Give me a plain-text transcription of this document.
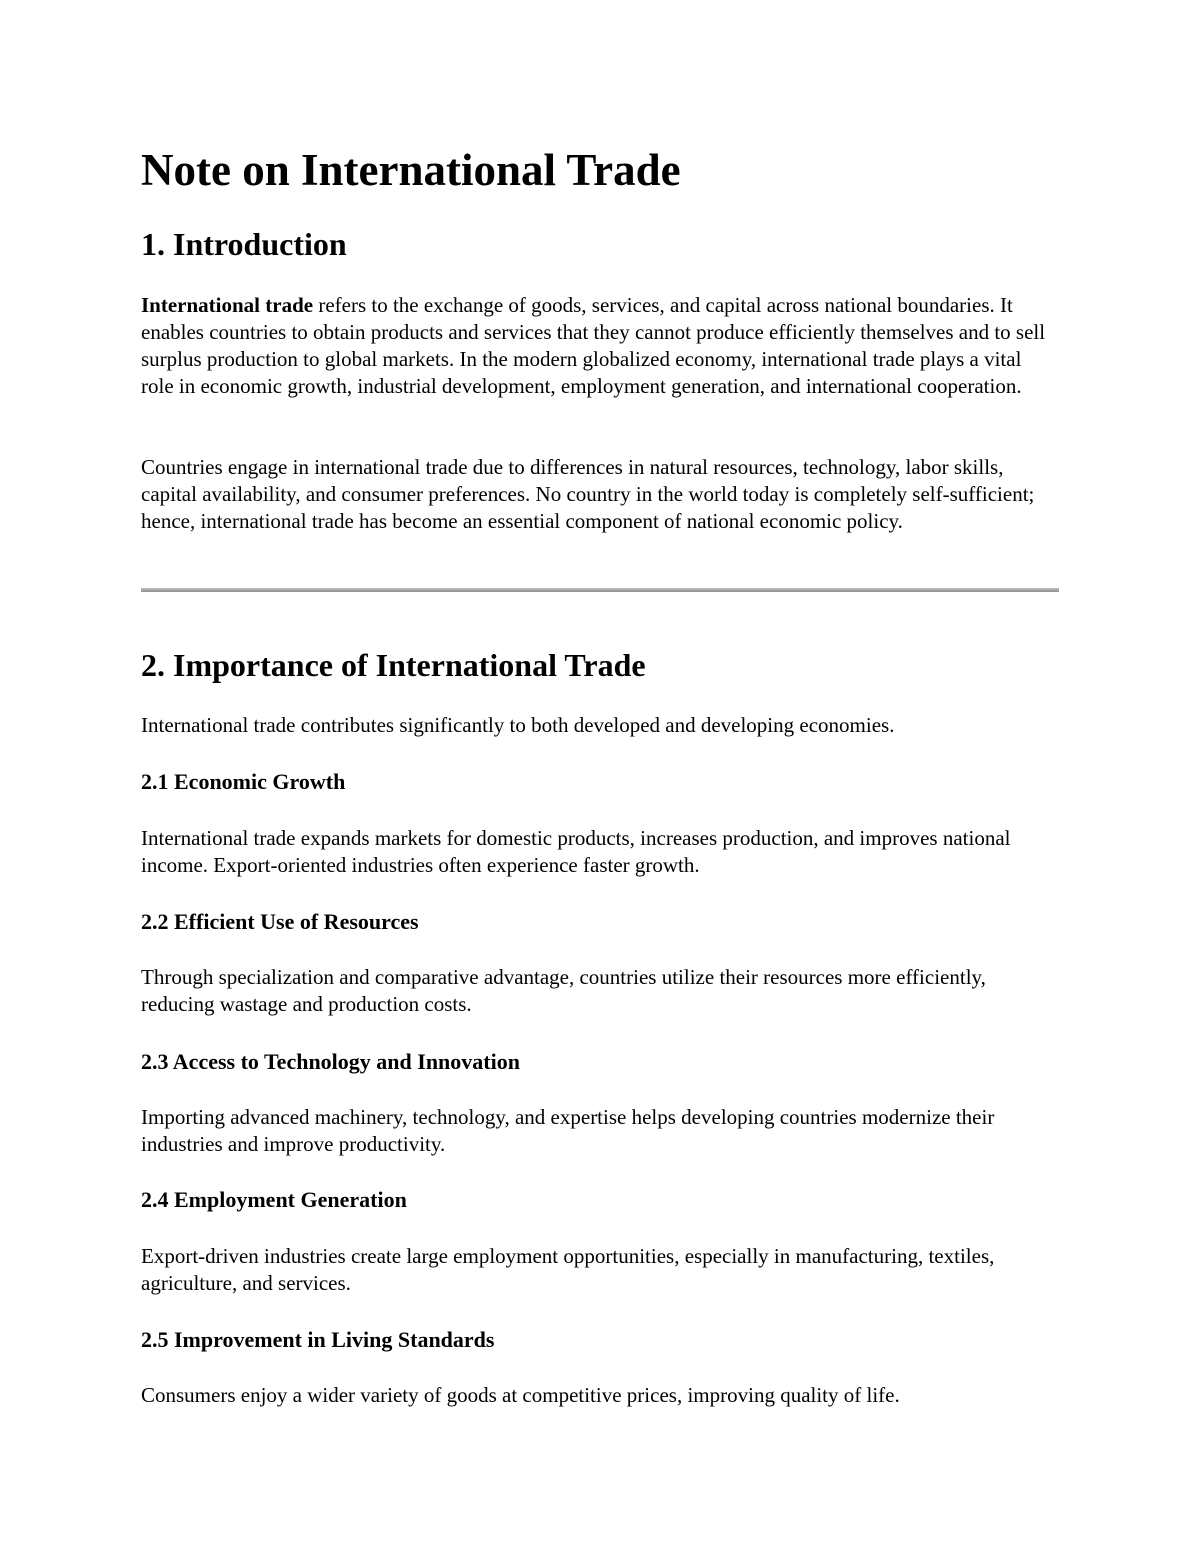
Note on International Trade
1. Introduction

International trade refers to the exchange of goods, services, and capital across national boundaries. It enables countries to obtain products and services that they cannot produce efficiently themselves and to sell surplus production to global markets. In the modern globalized economy, international trade plays a vital role in economic growth, industrial development, employment generation, and international cooperation.

Countries engage in international trade due to differences in natural resources, technology, labor skills, capital availability, and consumer preferences. No country in the world today is completely self-sufficient; hence, international trade has become an essential component of national economic policy.

2. Importance of International Trade

International trade contributes significantly to both developed and developing economies.

2.1 Economic Growth

International trade expands markets for domestic products, increases production, and improves national income. Export-oriented industries often experience faster growth.

2.2 Efficient Use of Resources

Through specialization and comparative advantage, countries utilize their resources more efficiently, reducing wastage and production costs.

2.3 Access to Technology and Innovation

Importing advanced machinery, technology, and expertise helps developing countries modernize their industries and improve productivity.

2.4 Employment Generation

Export-driven industries create large employment opportunities, especially in manufacturing, textiles, agriculture, and services.

2.5 Improvement in Living Standards

Consumers enjoy a wider variety of goods at competitive prices, improving quality of life.
